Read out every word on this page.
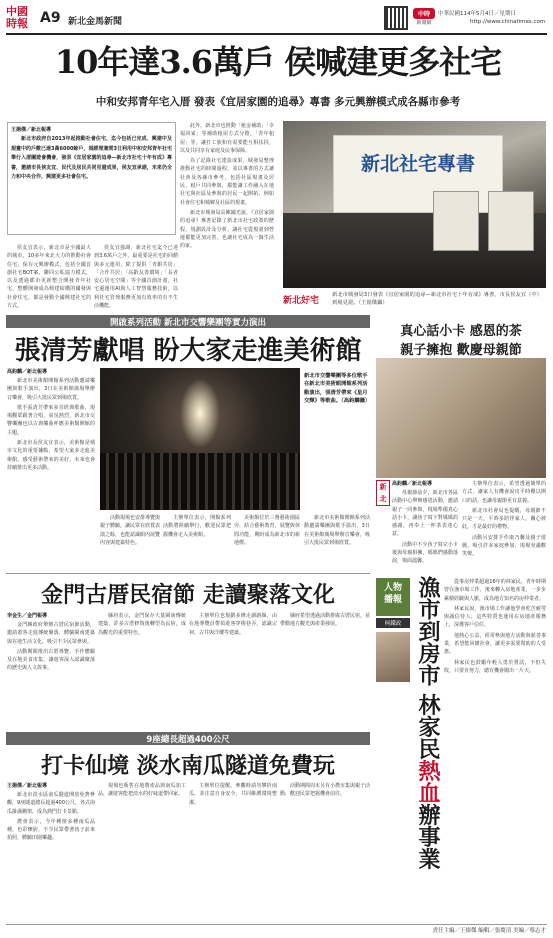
中國
時報 A9 新北金馬新聞
中時
新聞網
中華民國114年5月4日／星期日
http://www.chinatimes.com
10年達3.6萬戶 侯喊建更多社宅
中和安邦青年宅入厝 發表《宜居家園的追尋》專書 多元興辦模式成各縣市參考
王揚傑／新北報導

新北市政府自2013年起推動社會住宅，迄今包括已完成、興建中及規畫中的戶數已達3萬6000餘戶，城經理兼問3日利用中和安邦青年社宅舉行入厝團遊會機會，發表《宜居家園的追尋—新北市社宅十年有成》專書，邀請市長侯友宜、民代及居民共同見證成果，侯友宜承諾，未來仍全力和中央合作，興建更多社會住宅。

侯友宜表示，新北市是全國最大的城市，10多年來北大力的推動社會住宅，保存元興辦模式，包括全國首創社宅BOT案、聯同公私協力模式，以及透過都市更新整合開發青年社宅，整體開發成為興建結構的國發與社會住宅，都是發動全國興建社宅的方式。

侯友宜強調，新北社宅迄今已達到3.6萬戶之外，最重要是社宅的回饋與多元運用，除了提供「青銀共居」「合作共居」「高齡友善環境」「長者安心居宅空間」等全國首創計畫，社宅還運用AI與人工智慧服務技術，以利社宅管理服務更加有效率的有不生活機能。

此外，新北市也推動「租金補助」「幸福回家」等補助租屋方式分擔，「青年租屋」等，讓打工族和有需要能互相扶持，以及共同享有家庭及民事保障。

為了記錄社宅建設成果，城發局整理推動社宅的時間過程，並以專書的方式讓社會及各縣市參考，包括社區規畫及居民、租戶共同參與，都能讓工作融入在地社宅與社區及參與的居民一起開拓，例如社會住宅和城鄉及社區的規畫。

新北市城發局長陳國光說，《宜居家園的追尋》專書記錄了新北市社宅政策的歷程、規劃設計及分析，讓社宅從規畫到營運都能更加完善，也讓社宅成為一個生活的家。

新北社宅專書
新北好宅
新北市城發局3日發表《宜居家園的追尋—新北市社宅十年有成》專書，市長侯友宜（中）到場見證。（王揚傑攝）
開啟系列活動 新北市交響樂團等實力演出
張清芳獻唱 盼大家走進美術館
高鈞麟／新北報導

新北市美術館開館系列活動邀請樂團與歌手演出，3日在美術館廣場舉辦音樂會，吸引大批民眾到場欣賞。

歌手張清芳帶來多首經典歌曲，現場觀眾跟著合唱，氣氛熱烈，新北市交響樂團也以古典樂曲呼應美術館開館的主題。

新北市長侯友宜表示，美術館是城市文化的重要據點，希望大家多走進美術館，感受藝術帶來的美好，未來也會持續推出更多活動。

新北市交響樂團等多位歌手在新北市美術館開館系列活動演出，張清芳帶來《星月交輝》等歌曲。（高鈞麟攝）

活動現場也安排導覽與親子體驗，讓民眾在欣賞表演之餘，也能認識館內展覽內容與建築特色。

主辦單位表示，開館系列活動將陸續舉行，歡迎民眾把握機會走入美術館。

美術館位於三鶯藝術園區旁，結合藝術教育、展覽與休閒功能，期盼成為新北市的新地標。

新北市美術館開館系列活動邀請樂團與歌手演出，3日在美術館廣場舉辦音樂會，吸引大批民眾到場欣賞。

真心話小卡 感恩的茶
親子擁抱 歡慶母親節
新北
高鈞麟／新北報導

母親節前夕，新北市各區活動中心舉辦感恩活動，邀請親子一同參與，現場準備真心話小卡，讓孩子寫下對媽媽的感謝，再奉上一杯茶表達心意。

活動中不少孩子寫完小卡後與母親相擁，媽媽們感動落淚，場面溫馨。

主辦單位表示，希望透過簡單的方式，讓家人有機會說出平時難以開口的話，也讓母親節更有意義。

新北市社會局也提醒，母親節不只是一天，平時多陪伴家人、關心彼此，才是最好的禮物。

活動另安排手作康乃馨及親子遊戲，吸引許多家庭參加，現場充滿歡笑聲。

金門古厝民宿節 走讀聚落文化
李金生／金門報導

金門縣政府舉辦古厝民宿節活動，邀請遊客走進傳統聚落，體驗閩南建築與在地生活文化，吸引不少民眾參與。

活動期間推出古厝導覽、手作體驗及在地美食市集，讓遊客深入認識聚落的歷史與人文故事。

縣府表示，金門保存大量閩南傳統建築，許多古厝修復後轉型為民宿，成為觀光的重要特色。

主辦單位也規劃多條走讀路線，由在地導覽員帶領遊客穿梭巷弄，認識宗祠、古井與洋樓等建築。

縣府希望透過活動推廣古厝民宿，並帶動地方觀光與產業發展。

9座總長超過400公尺
打卡仙境 淡水南瓜隧道免費玩
王揚傑／新北報導

新北市淡水區南瓜隧道開放免費參觀，9座隧道總長超過400公尺，各式南瓜掛滿棚架，成為熱門打卡景點。

農會表示，今年種植多種南瓜品種，色彩繽紛，不少民眾帶著孩子前來拍照，體驗田園樂趣。

現場也販售在地農產品與南瓜加工品，讓遊客能把淡水的好味道帶回家。

主辦單位提醒，參觀時請勿攀折南瓜，並注意自身安全，共同維護環境整潔。

活動期間周末另有小農市集與親子活動，歡迎民眾把握機會前往。

人物
播報
柯鐵政 漁市到房市 林家民熱血辦事業

從事房仲業超過16年的林家民，青年時期曾在漁市場工作，後來轉入房地產業，一步步累積經驗與人脈，成為地方知名的房仲業者。

林家民說，漁市場工作讓他學會吃苦耐勞與誠信待人，這些特質也運用在房地產服務上，深獲客戶信任。

他熱心公益，經常參與地方活動與慈善事業，希望能回饋社會，讓更多需要幫助的人受惠。

林家民也鼓勵年輕人勇於嘗試，不怕失敗，只要肯努力，總有機會闖出一片天。

責任主編／王揚傑 編輯／張慶清 美編／蔡志才
